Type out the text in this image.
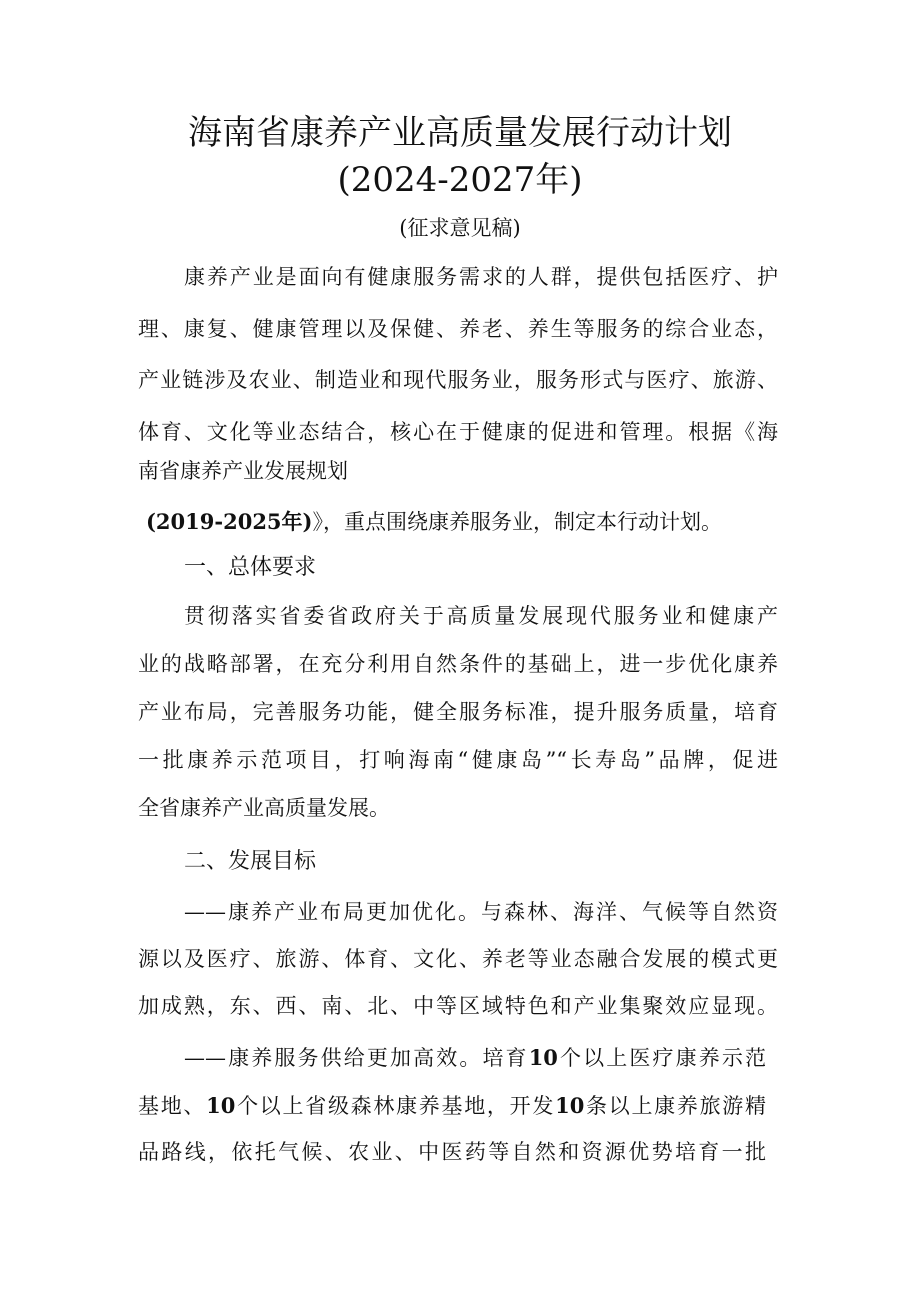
海南省康养产业高质量发展行动计划
(2024-2027年)
(征求意见稿)
康养产业是面向有健康服务需求的人群，提供包括医疗、护
理、康复、健康管理以及保健、养老、养生等服务的综合业态，
产业链涉及农业、制造业和现代服务业，服务形式与医疗、旅游、
体育、文化等业态结合，核心在于健康的促进和管理。根据《海
南省康养产业发展规划
(2019-2025年)》，重点围绕康养服务业，制定本行动计划。
一、总体要求
贯彻落实省委省政府关于高质量发展现代服务业和健康产
业的战略部署，在充分利用自然条件的基础上，进一步优化康养
产业布局，完善服务功能，健全服务标准，提升服务质量，培育
一批康养示范项目，打响海南“健康岛”“长寿岛”品牌，促进
全省康养产业高质量发展。
二、发展目标
——康养产业布局更加优化。与森林、海洋、气候等自然资
源以及医疗、旅游、体育、文化、养老等业态融合发展的模式更
加成熟，东、西、南、北、中等区域特色和产业集聚效应显现。
——康养服务供给更加高效。培育10个以上医疗康养示范
基地、10个以上省级森林康养基地，开发10条以上康养旅游精
品路线，依托气候、农业、中医药等自然和资源优势培育一批
